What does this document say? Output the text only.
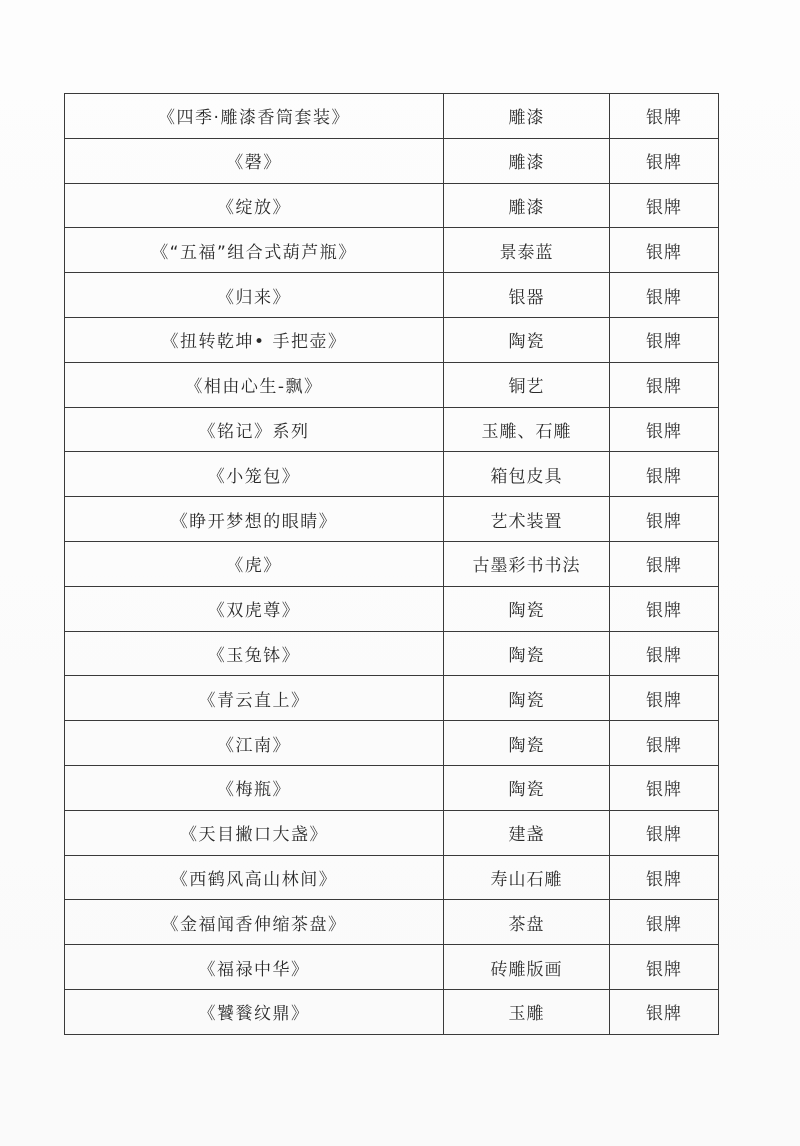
《四季·雕漆香筒套装》	雕漆	银牌
《磬》	雕漆	银牌
《绽放》	雕漆	银牌
《“五福”组合式葫芦瓶》	景泰蓝	银牌
《归来》	银器	银牌
《扭转乾坤• 手把壶》	陶瓷	银牌
《相由心生-飘》	铜艺	银牌
《铭记》系列	玉雕、石雕	银牌
《小笼包》	箱包皮具	银牌
《睁开梦想的眼睛》	艺术装置	银牌
《虎》	古墨彩书书法	银牌
《双虎尊》	陶瓷	银牌
《玉兔钵》	陶瓷	银牌
《青云直上》	陶瓷	银牌
《江南》	陶瓷	银牌
《梅瓶》	陶瓷	银牌
《天目撇口大盏》	建盏	银牌
《西鹤风高山林间》	寿山石雕	银牌
《金福闻香伸缩茶盘》	茶盘	银牌
《福禄中华》	砖雕版画	银牌
《饕餮纹鼎》	玉雕	银牌
